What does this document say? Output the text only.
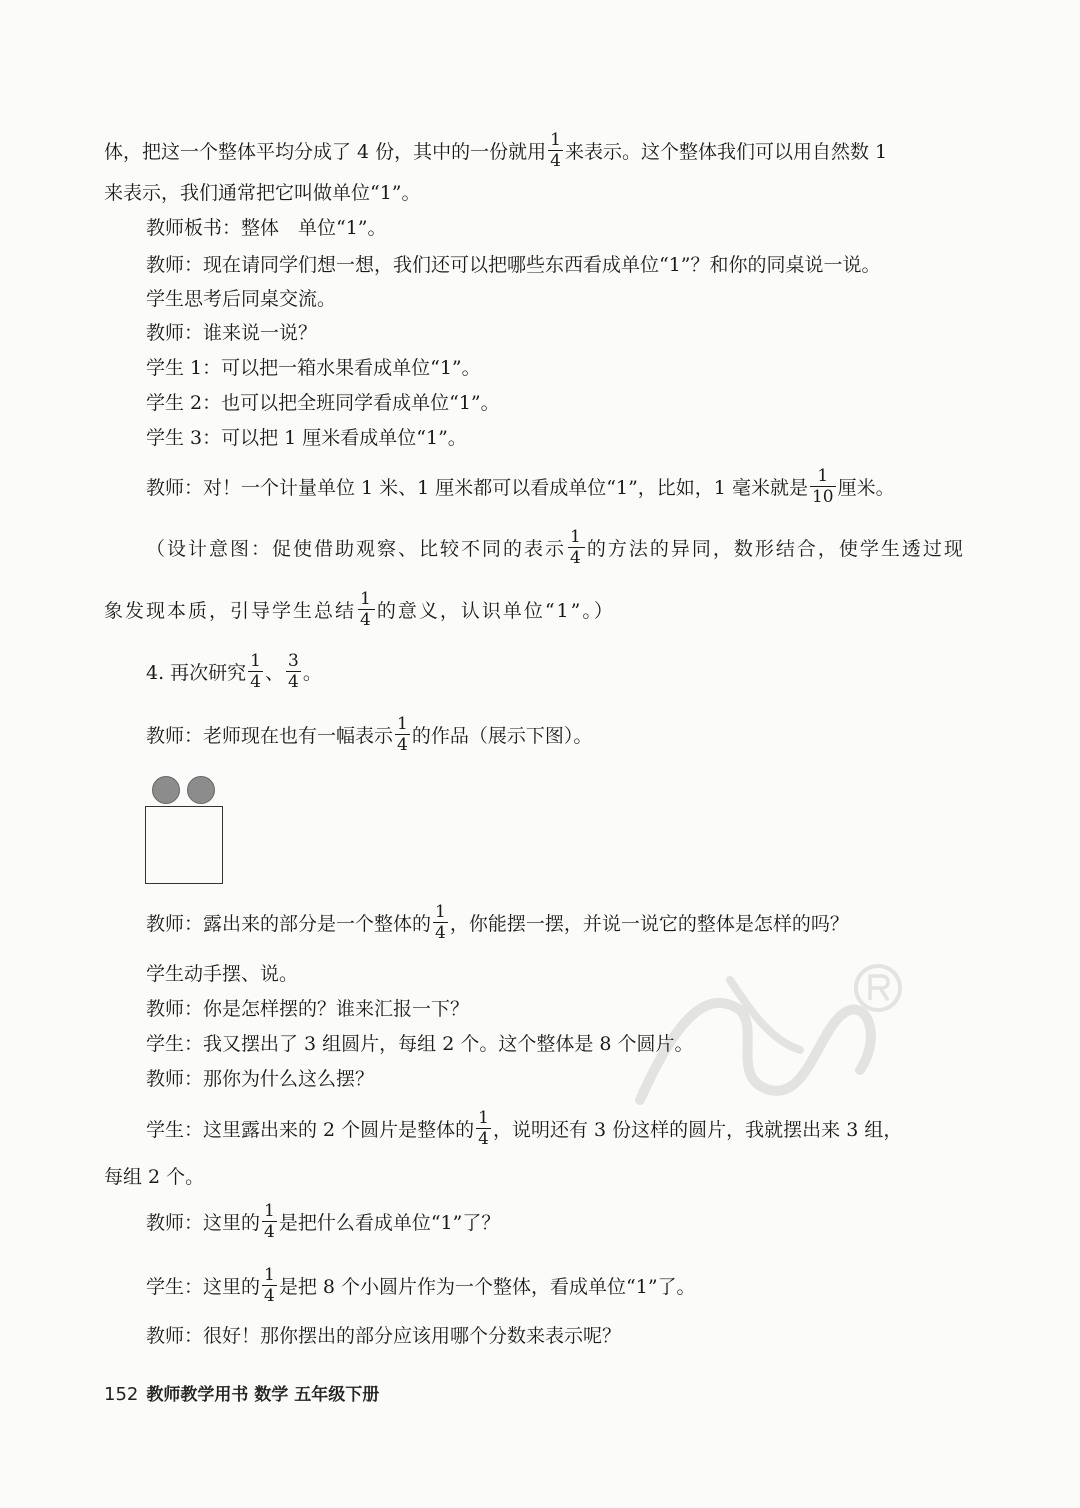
体，把这一个整体平均分成了 4 份，其中的一份就用 $\frac{1}{4}$ 来表示。这个整体我们可以用自然数 1
来表示，我们通常把它叫做单位“1”。
教师板书：整体　单位“1”。
教师：现在请同学们想一想，我们还可以把哪些东西看成单位“1”？和你的同桌说一说。
学生思考后同桌交流。
教师：谁来说一说？
学生 1：可以把一箱水果看成单位“1”。
学生 2：也可以把全班同学看成单位“1”。
学生 3：可以把 1 厘米看成单位“1”。
教师：对！一个计量单位 1 米、1 厘米都可以看成单位“1”，比如，1 毫米就是 $\frac{1}{10}$ 厘米。
（设计意图：促使借助观察、比较不同的表示 $\frac{1}{4}$ 的方法的异同，数形结合，使学生透过现
象发现本质，引导学生总结 $\frac{1}{4}$ 的意义，认识单位“1”。）
4. 再次研究 $\frac{1}{4}$ 、 $\frac{3}{4}$ 。
教师：老师现在也有一幅表示 $\frac{1}{4}$ 的作品（展示下图）。
教师：露出来的部分是一个整体的 $\frac{1}{4}$ ，你能摆一摆，并说一说它的整体是怎样的吗？
学生动手摆、说。
教师：你是怎样摆的？谁来汇报一下？
学生：我又摆出了 3 组圆片，每组 2 个。这个整体是 8 个圆片。
教师：那你为什么这么摆？
学生：这里露出来的 2 个圆片是整体的 $\frac{1}{4}$ ，说明还有 3 份这样的圆片，我就摆出来 3 组，
每组 2 个。
教师：这里的 $\frac{1}{4}$ 是把什么看成单位“1”了？
学生：这里的 $\frac{1}{4}$ 是把 8 个小圆片作为一个整体，看成单位“1”了。
教师：很好！那你摆出的部分应该用哪个分数来表示呢？
152 教师教学用书 数学 五年级下册
